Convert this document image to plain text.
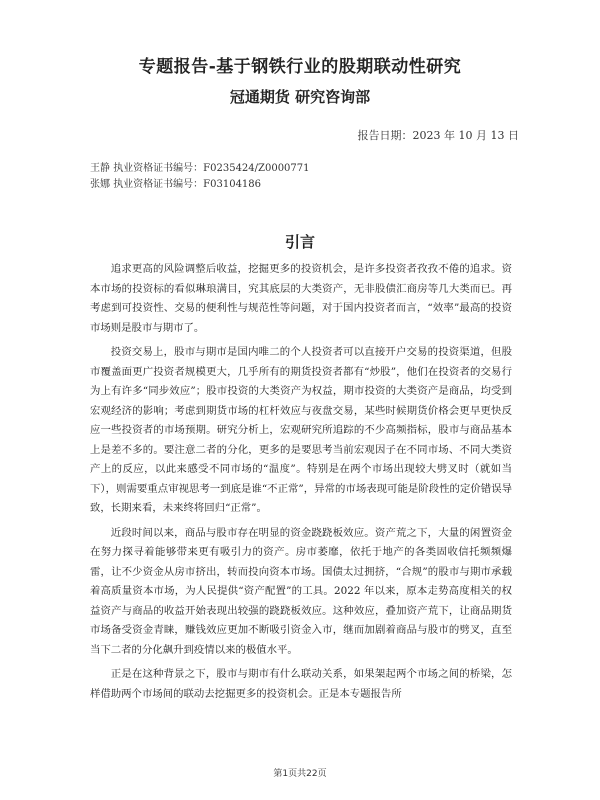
专题报告-基于钢铁行业的股期联动性研究
冠通期货 研究咨询部
报告日期：2023 年 10 月 13 日
王静 执业资格证书编号：F0235424/Z0000771
张娜 执业资格证书编号：F03104186
引言

追求更高的风险调整后收益，挖掘更多的投资机会，是许多投资者孜孜不倦的追求。资本市场的投资标的看似琳琅满目，究其底层的大类资产，无非股债汇商房等几大类而已。再考虑到可投资性、交易的便利性与规范性等问题，对于国内投资者而言，“效率”最高的投资市场则是股市与期市了。

投资交易上，股市与期市是国内唯二的个人投资者可以直接开户交易的投资渠道，但股市覆盖面更广投资者规模更大，几乎所有的期货投资者都有“炒股”，他们在投资者的交易行为上有许多“同步效应”；股市投资的大类资产为权益，期市投资的大类资产是商品，均受到宏观经济的影响；考虑到期货市场的杠杆效应与夜盘交易，某些时候期货价格会更早更快反应一些投资者的市场预期。研究分析上，宏观研究所追踪的不少高频指标，股市与商品基本上是差不多的。要注意二者的分化，更多的是要思考当前宏观因子在不同市场、不同大类资产上的反应，以此来感受不同市场的“温度”。特别是在两个市场出现较大劈叉时（就如当下），则需要重点审视思考一到底是谁“不正常”，异常的市场表现可能是阶段性的定价错误导致，长期来看，未来终将回归“正常”。

近段时间以来，商品与股市存在明显的资金跷跷板效应。资产荒之下，大量的闲置资金在努力探寻着能够带来更有吸引力的资产。房市萎靡，依托于地产的各类固收信托频频爆雷，让不少资金从房市挤出，转而投向资本市场。国债太过拥挤，“合规”的股市与期市承载着高质量资本市场，为人民提供“资产配置”的工具。2022 年以来，原本走势高度相关的权益资产与商品的收益开始表现出较强的跷跷板效应。这种效应，叠加资产荒下，让商品期货市场备受资金青睐，赚钱效应更加不断吸引资金入市，继而加剧着商品与股市的劈叉，直至当下二者的分化飙升到疫情以来的极值水平。

正是在这种背景之下，股市与期市有什么联动关系，如果架起两个市场之间的桥梁，怎样借助两个市场间的联动去挖掘更多的投资机会。正是本专题报告所

第1页共22页
